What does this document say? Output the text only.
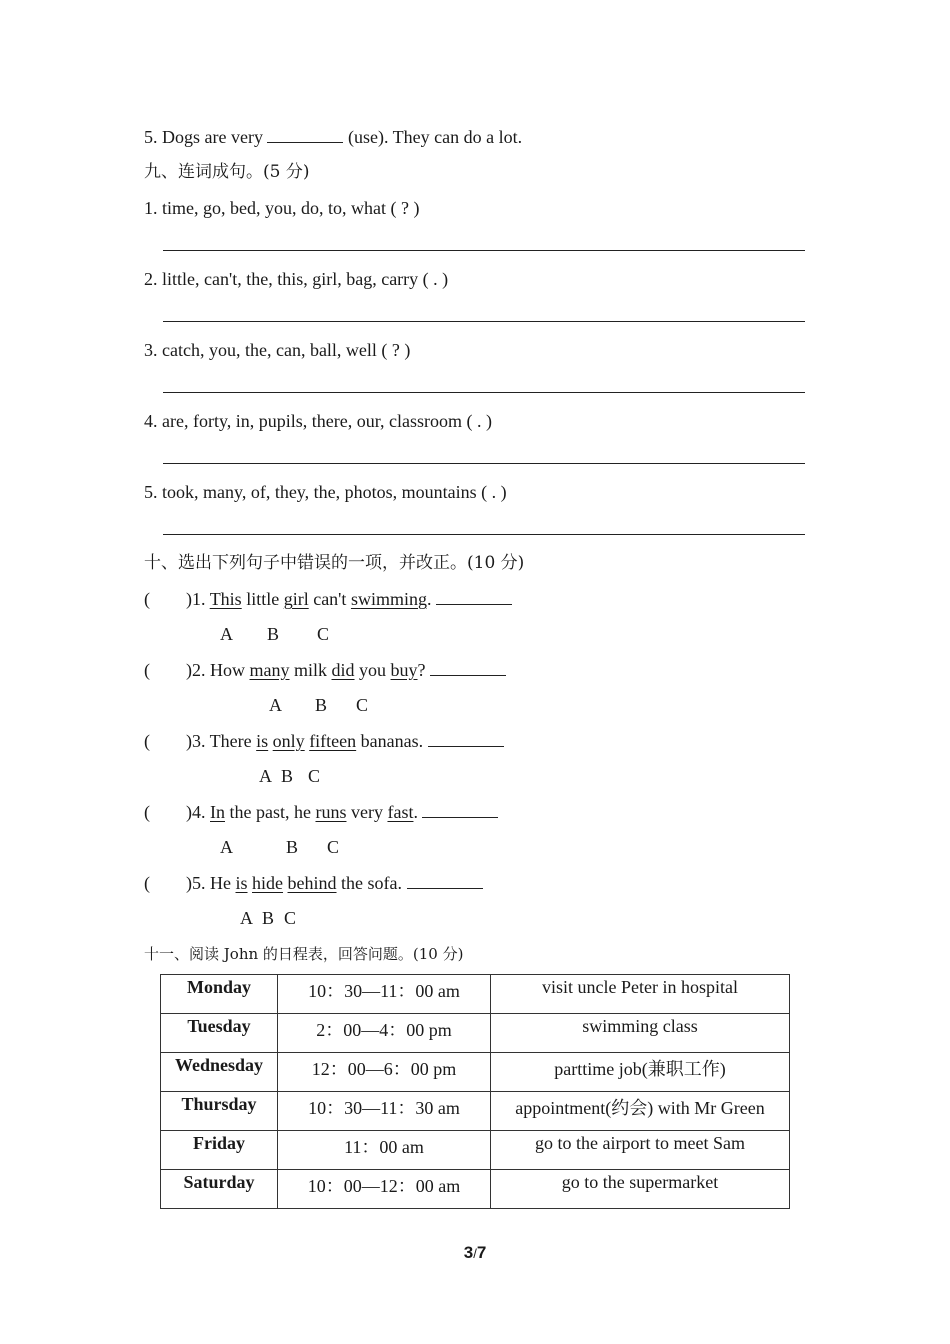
5. Dogs are very	(use). They can do a lot.
九、连词成句。(5 分)
1. time, go, bed, you, do, to, what ( ? )
2. little, can't, the, this, girl, bag, carry ( . )
3. catch, you, the, can, ball, well ( ? )
4. are, forty, in, pupils, there, our, classroom ( . )
5. took, many, of, they, the, photos, mountains ( . )
十、选出下列句子中错误的一项，并改正。(10 分)
(        )1. This little girl can't swimming.
A B C
(        )2. How many milk did you buy?
A B C
(        )3. There is only fifteen bananas.
A B C
(        )4. In the past, he runs very fast.
A	B C
(        )5. He is hide behind the sofa.
A B C
十一、阅读 John 的日程表，回答问题。(10 分)
Monday	10：30—11：00 am	visit uncle Peter in hospital
Tuesday	2：00—4：00 pm	swimming class
Wednesday	12：00—6：00 pm	parttime job(兼职工作)
Thursday	10：30—11：30 am	appointment(约会) with Mr Green
Friday	11：00 am	go to the airport to meet Sam
Saturday	10：00—12：00 am	go to the supermarket
3/7
